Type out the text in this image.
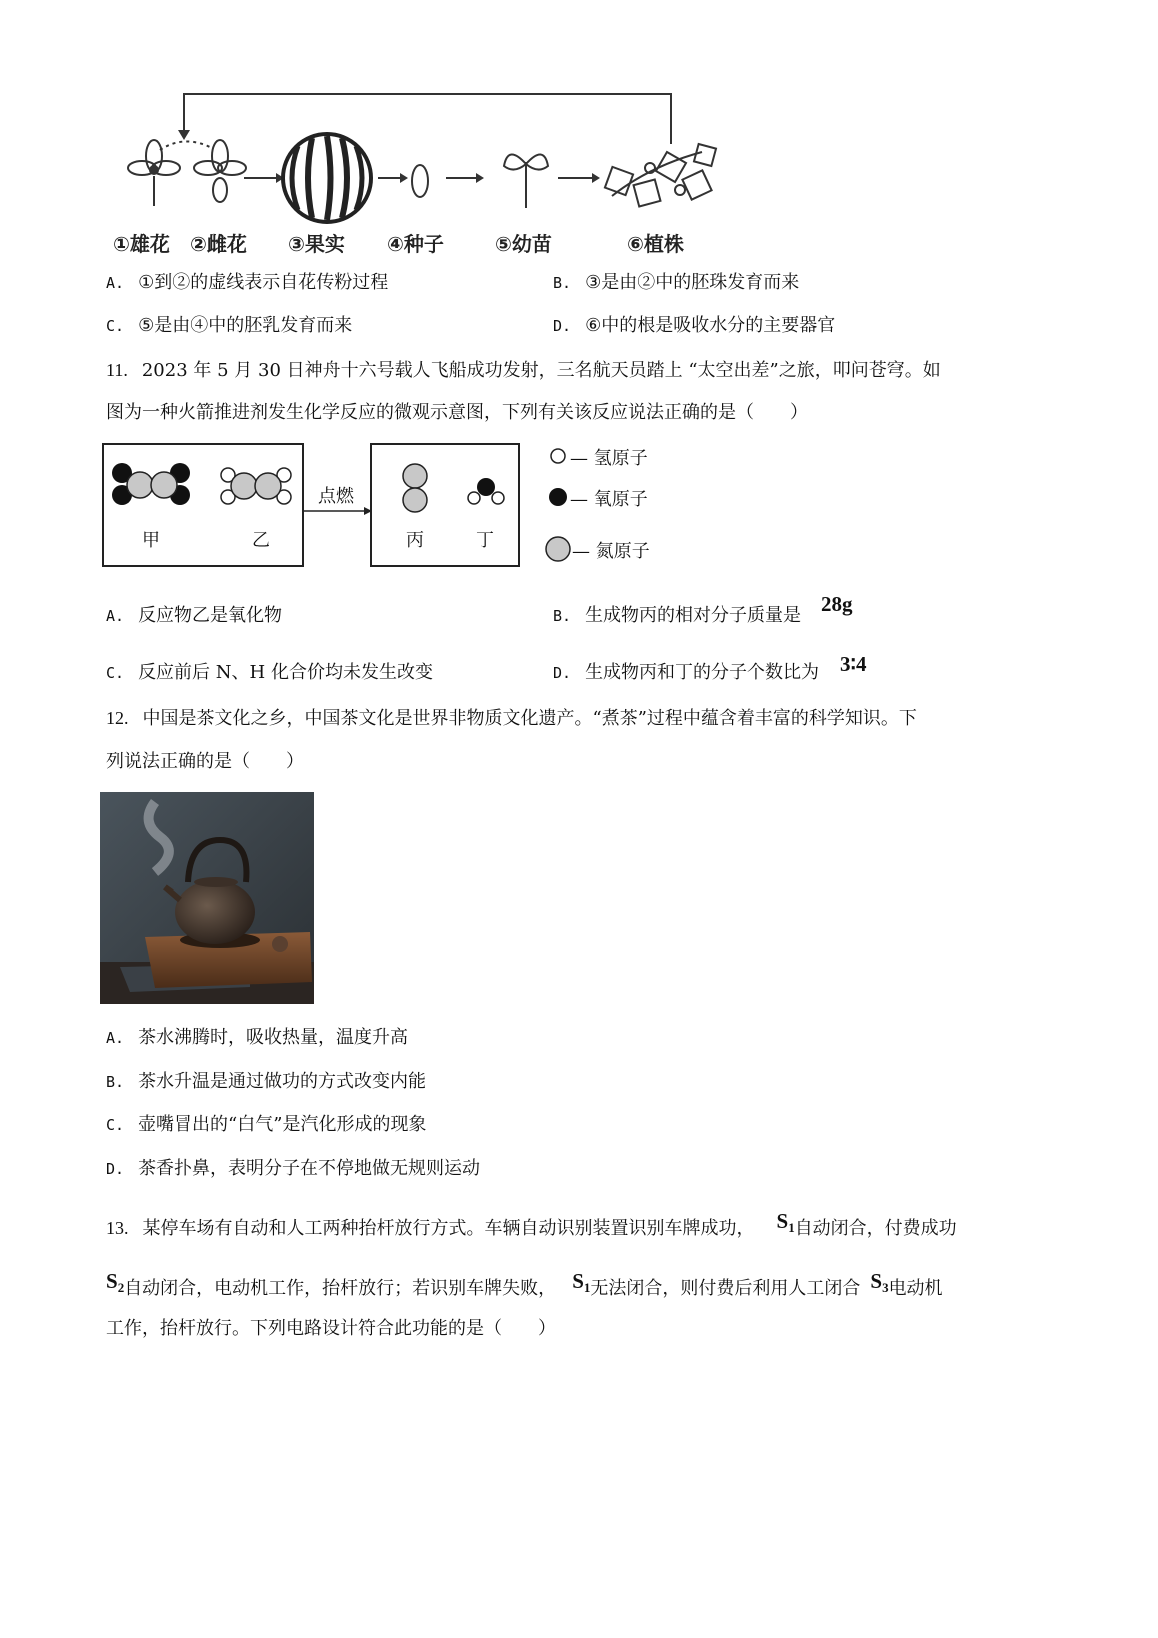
①雄花 ②雌花 ③果实 ④种子	⑤幼苗	⑥植株
A. ①到②的虚线表示自花传粉过程	B. ③是由②中的胚珠发育而来
C. ⑤是由④中的胚乳发育而来	D. ⑥中的根是吸收水分的主要器官
11. 2023 年 5 月 30 日神舟十六号载人飞船成功发射，三名航天员踏上 “太空出差”之旅，叩问苍穹。如
图为一种火箭推进剂发生化学反应的微观示意图，下列有关该反应说法正确的是（　　）
点燃
甲	乙	丙	丁
— 氢原子
— 氧原子
— 氮原子
A. 反应物乙是氧化物	B. 生成物丙的相对分子质量是 28g
C. 反应前后 N、H 化合价均未发生改变	D. 生成物丙和丁的分子个数比为 3∶4
12. 中国是茶文化之乡，中国茶文化是世界非物质文化遗产。“煮茶”过程中蕴含着丰富的科学知识。下
列说法正确的是（　　）
A. 茶水沸腾时，吸收热量，温度升高
B. 茶水升温是通过做功的方式改变内能
C. 壶嘴冒出的“白气”是汽化形成的现象
D. 茶香扑鼻，表明分子在不停地做无规则运动
13. 某停车场有自动和人工两种抬杆放行方式。车辆自动识别装置识别车牌成功， $S_1$自动闭合，付费成功
$S_2$自动闭合，电动机工作，抬杆放行；若识别车牌失败， $S_1$无法闭合，则付费后利用人工闭合 $S_3$电动机
工作，抬杆放行。下列电路设计符合此功能的是（　　）
